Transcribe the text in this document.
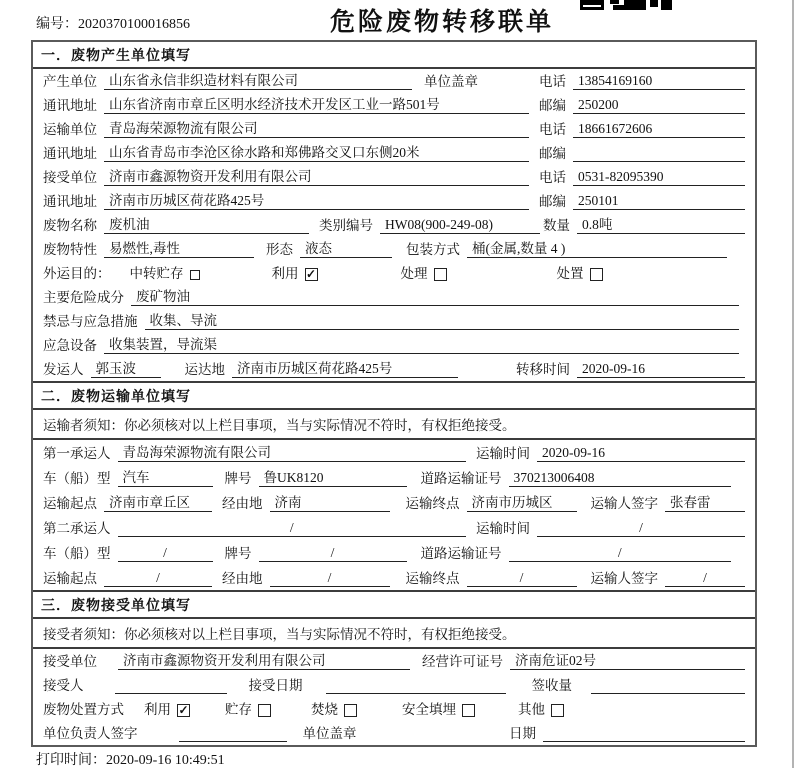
编号：2020370100016856	危险废物转移联单
一．废物产生单位填写
产生单位 山东省永信非织造材料有限公司	单位盖章	电话 13854169160
通讯地址 山东省济南市章丘区明水经济技术开发区工业一路501号	邮编 250200
运输单位 青岛海荣源物流有限公司	电话 18661672606
通讯地址 山东省青岛市李沧区徐水路和郑佛路交叉口东侧20米	邮编
接受单位 济南市鑫源物资开发利用有限公司	电话 0531-82095390
通讯地址 济南市历城区荷花路425号	邮编 250101
废物名称 废机油	类别编号 HW08(900-249-08)	数量 0.8吨
废物特性 易燃性,毒性	形态 液态	包装方式 桶(金属,数量 4 )
外运目的：	中转贮存	利用 ✓	处理	处置
主要危险成分 废矿物油
禁忌与应急措施 收集、导流
应急设备 收集装置，导流渠
发运人 郭玉波	运达地 济南市历城区荷花路425号	转移时间 2020-09-16
二．废物运输单位填写
运输者须知：你必须核对以上栏目事项，当与实际情况不符时，有权拒绝接受。
第一承运人 青岛海荣源物流有限公司	运输时间 2020-09-16
车（船）型 汽车	牌号 鲁UK8120	道路运输证号 370213006408
运输起点 济南市章丘区	经由地 济南	运输终点 济南市历城区	运输人签字 张春雷
第二承运人	/	运输时间	/
车（船）型	/	牌号	/	道路运输证号	/
运输起点	/	经由地	/	运输终点	/	运输人签字	/
三．废物接受单位填写
接受者须知：你必须核对以上栏目事项，当与实际情况不符时，有权拒绝接受。
接受单位	济南市鑫源物资开发利用有限公司	经营许可证号 济南危证02号
接受人	接受日期	签收量
废物处置方式	利用 ✓	贮存	焚烧	安全填埋	其他
单位负责人签字	单位盖章	日期
打印时间：2020-09-16 10:49:51
